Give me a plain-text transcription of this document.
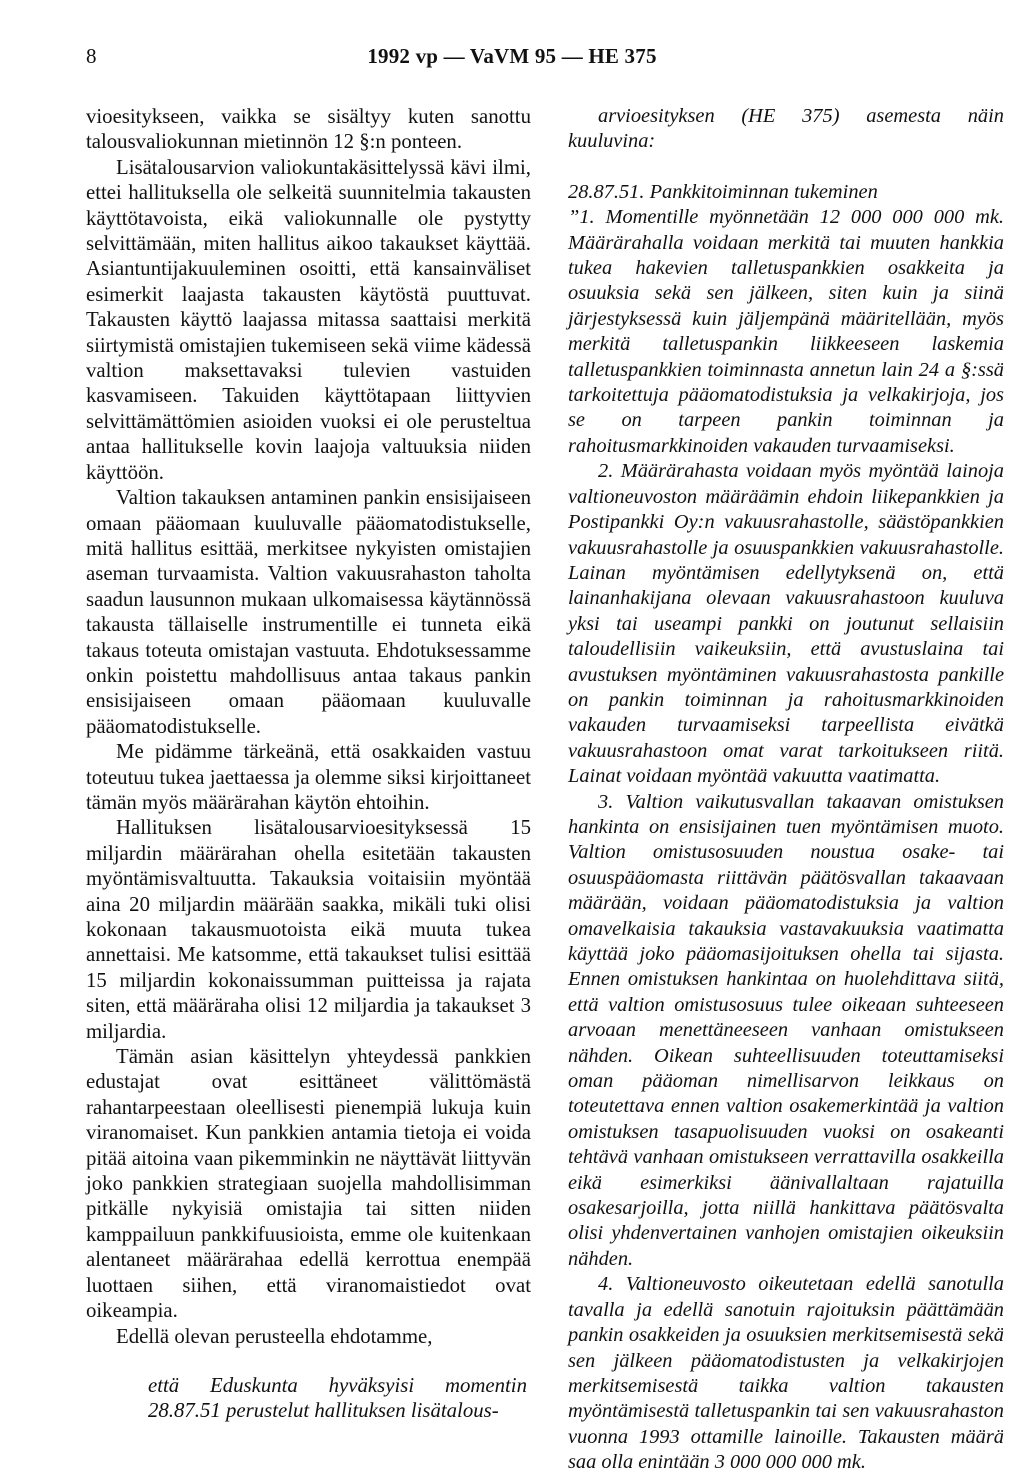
8	1992 vp — VaVM 95 — HE 375

vioesitykseen, vaikka se sisältyy kuten sanottu talousvaliokunnan mietinnön 12 §:n ponteen.

Lisätalousarvion valiokuntakäsittelyssä kävi ilmi, ettei hallituksella ole selkeitä suunnitelmia takausten käyttötavoista, eikä valiokunnalle ole pystytty selvittämään, miten hallitus aikoo takaukset käyttää. Asiantuntijakuuleminen osoitti, että kansainväliset esimerkit laajasta takausten käytöstä puuttuvat. Takausten käyttö laajassa mitassa saattaisi merkitä siirtymistä omistajien tukemiseen sekä viime kädessä valtion maksettavaksi tulevien vastuiden kasvamiseen. Takuiden käyttötapaan liittyvien selvittämättömien asioiden vuoksi ei ole perusteltua antaa hallitukselle kovin laajoja valtuuksia niiden käyttöön.

Valtion takauksen antaminen pankin ensisijaiseen omaan pääomaan kuuluvalle pääomatodistukselle, mitä hallitus esittää, merkitsee nykyisten omistajien aseman turvaamista. Valtion vakuusrahaston taholta saadun lausunnon mukaan ulkomaisessa käytännössä takausta tällaiselle instrumentille ei tunneta eikä takaus toteuta omistajan vastuuta. Ehdotuksessamme onkin poistettu mahdollisuus antaa takaus pankin ensisijaiseen omaan pääomaan kuuluvalle pääomatodistukselle.

Me pidämme tärkeänä, että osakkaiden vastuu toteutuu tukea jaettaessa ja olemme siksi kirjoittaneet tämän myös määrärahan käytön ehtoihin.

Hallituksen lisätalousarvioesityksessä 15 miljardin määrärahan ohella esitetään takausten myöntämisvaltuutta. Takauksia voitaisiin myöntää aina 20 miljardin määrään saakka, mikäli tuki olisi kokonaan takausmuotoista eikä muuta tukea annettaisi. Me katsomme, että takaukset tulisi esittää 15 miljardin kokonaissumman puitteissa ja rajata siten, että määräraha olisi 12 miljardia ja takaukset 3 miljardia.

Tämän asian käsittelyn yhteydessä pankkien edustajat ovat esittäneet välittömästä rahantarpeestaan oleellisesti pienempiä lukuja kuin viranomaiset. Kun pankkien antamia tietoja ei voida pitää aitoina vaan pikemminkin ne näyttävät liittyvän joko pankkien strategiaan suojella mahdollisimman pitkälle nykyisiä omistajia tai sitten niiden kamppailuun pankkifuusioista, emme ole kuitenkaan alentaneet määrärahaa edellä kerrottua enempää luottaen siihen, että viranomaistiedot ovat oikeampia.

Edellä olevan perusteella ehdotamme,

että Eduskunta hyväksyisi momentin 28.87.51 perustelut hallituksen lisätalous-

arvioesityksen (HE 375) asemesta näin kuuluvina:

28.87.51. Pankkitoiminnan tukeminen

”1. Momentille myönnetään 12 000 000 000 mk. Määrärahalla voidaan merkitä tai muuten hankkia tukea hakevien talletuspankkien osakkeita ja osuuksia sekä sen jälkeen, siten kuin ja siinä järjestyksessä kuin jäljempänä määritellään, myös merkitä talletuspankin liikkeeseen laskemia talletuspankkien toiminnasta annetun lain 24 a §:ssä tarkoitettuja pääomatodistuksia ja velkakirjoja, jos se on tarpeen pankin toiminnan ja rahoitusmarkkinoiden vakauden turvaamiseksi.

2. Määrärahasta voidaan myös myöntää lainoja valtioneuvoston määräämin ehdoin liikepankkien ja Postipankki Oy:n vakuusrahastolle, säästöpankkien vakuusrahastolle ja osuuspankkien vakuusrahastolle. Lainan myöntämisen edellytyksenä on, että lainanhakijana olevaan vakuusrahastoon kuuluva yksi tai useampi pankki on joutunut sellaisiin taloudellisiin vaikeuksiin, että avustuslaina tai avustuksen myöntäminen vakuusrahastosta pankille on pankin toiminnan ja rahoitusmarkkinoiden vakauden turvaamiseksi tarpeellista eivätkä vakuusrahastoon omat varat tarkoitukseen riitä. Lainat voidaan myöntää vakuutta vaatimatta.

3. Valtion vaikutusvallan takaavan omistuksen hankinta on ensisijainen tuen myöntämisen muoto. Valtion omistusosuuden noustua osake- tai osuuspääomasta riittävän päätösvallan takaavaan määrään, voidaan pääomatodistuksia ja valtion omavelkaisia takauksia vastavakuuksia vaatimatta käyttää joko pääomasijoituksen ohella tai sijasta. Ennen omistuksen hankintaa on huolehdittava siitä, että valtion omistusosuus tulee oikeaan suhteeseen arvoaan menettäneeseen vanhaan omistukseen nähden. Oikean suhteellisuuden toteuttamiseksi oman pääoman nimellisarvon leikkaus on toteutettava ennen valtion osakemerkintää ja valtion omistuksen tasapuolisuuden vuoksi on osakeanti tehtävä vanhaan omistukseen verrattavilla osakkeilla eikä esimerkiksi äänivallaltaan rajatuilla osakesarjoilla, jotta niillä hankittava päätösvalta olisi yhdenvertainen vanhojen omistajien oikeuksiin nähden.

4. Valtioneuvosto oikeutetaan edellä sanotulla tavalla ja edellä sanotuin rajoituksin päättämään pankin osakkeiden ja osuuksien merkitsemisestä sekä sen jälkeen pääomatodistusten ja velkakirjojen merkitsemisestä taikka valtion takausten myöntämisestä talletuspankin tai sen vakuusrahaston vuonna 1993 ottamille lainoille. Takausten määrä saa olla enintään 3 000 000 000 mk.
